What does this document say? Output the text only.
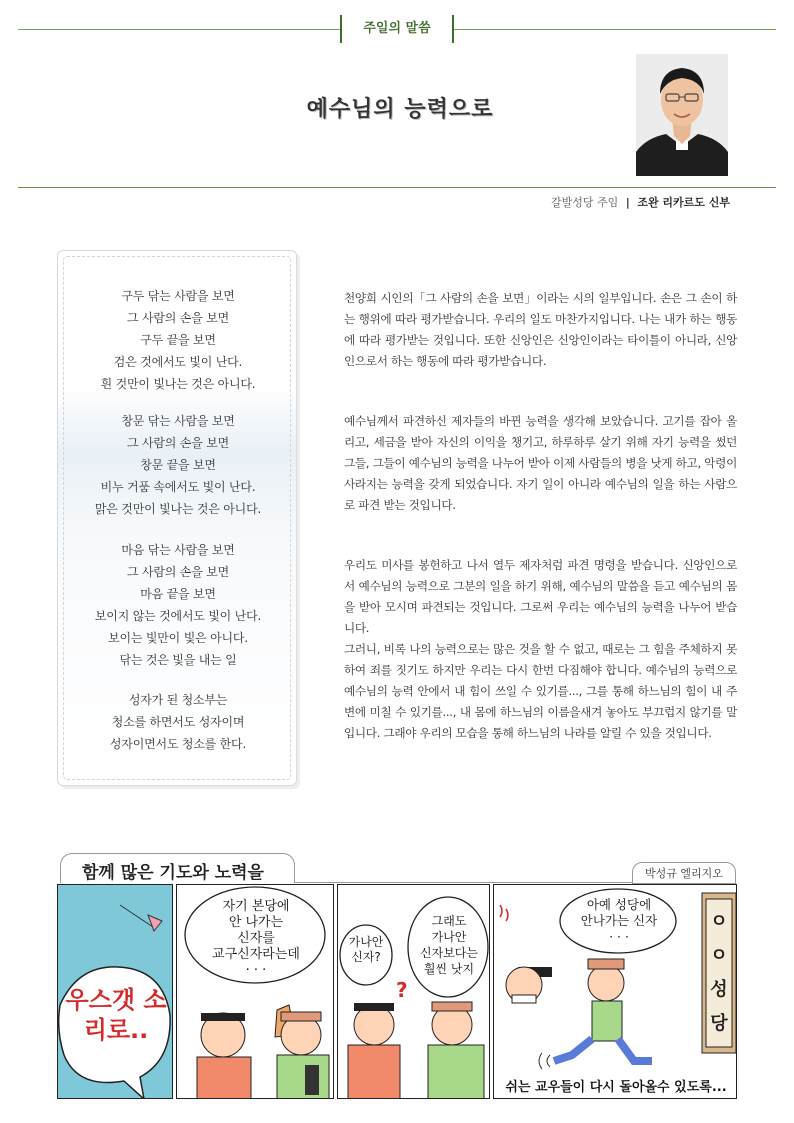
주일의 말씀
예수님의 능력으로
갈발성당 주임 | 조완 리카르도 신부
구두 닦는 사람을 보면
그 사람의 손을 보면
구두 끝을 보면
검은 것에서도 빛이 난다.
흰 것만이 빛나는 것은 아니다.
창문 닦는 사람을 보면
그 사람의 손을 보면
창문 끝을 보면
비누 거품 속에서도 빛이 난다.
맑은 것만이 빛나는 것은 아니다.
마음 닦는 사람을 보면
그 사람의 손을 보면
마음 끝을 보면
보이지 않는 것에서도 빛이 난다.
보이는 빛만이 빛은 아니다.
닦는 것은 빛을 내는 일
성자가 된 청소부는
청소를 하면서도 성자이며
성자이면서도 청소를 한다.

천양희 시인의「그 사람의 손을 보면」이라는 시의 일부입니다. 손은 그 손이 하는 행위에 따라 평가받습니다. 우리의 일도 마찬가지입니다. 나는 내가 하는 행동에 따라 평가받는 것입니다. 또한 신앙인은 신앙인이라는 타이틀이 아니라, 신앙인으로서 하는 행동에 따라 평가받습니다.

예수님께서 파견하신 제자들의 바뀐 능력을 생각해 보았습니다. 고기를 잡아 올리고, 세금을 받아 자신의 이익을 챙기고, 하루하루 살기 위해 자기 능력을 썼던 그들, 그들이 예수님의 능력을 나누어 받아 이제 사람들의 병을 낫게 하고, 악령이 사라지는 능력을 갖게 되었습니다. 자기 일이 아니라 예수님의 일을 하는 사람으로 파견 받는 것입니다.

우리도 미사를 봉헌하고 나서 열두 제자처럼 파견 명령을 받습니다. 신앙인으로서 예수님의 능력으로 그분의 일을 하기 위해, 예수님의 말씀을 듣고 예수님의 몸을 받아 모시며 파견되는 것입니다. 그로써 우리는 예수님의 능력을 나누어 받습니다.

그러니, 비록 나의 능력으로는 많은 것을 할 수 없고, 때로는 그 힘을 주체하지 못하여 죄를 짓기도 하지만 우리는 다시 한번 다짐해야 합니다. 예수님의 능력으로 예수님의 능력 안에서 내 힘이 쓰일 수 있기를..., 그를 통해 하느님의 힘이 내 주변에 미칠 수 있기를..., 내 몸에 하느님의 이름을새겨 놓아도 부끄럽지 않기를 말입니다. 그래야 우리의 모습을 통해 하느님의 나라를 알릴 수 있을 것입니다.

함께 많은 기도와 노력을	박성규 엘리지오
우스갯 소리로..
자기 본당에
안 나가는
신자를
교구신자라는데
· · ·
?
가나안
신자?
그래도
가나안
신자보다는
훨씬 낫지
아예 성당에
안나가는 신자
· · ·
ㅇㅇ성당
쉬는 교우들이 다시 돌아올수 있도록...
